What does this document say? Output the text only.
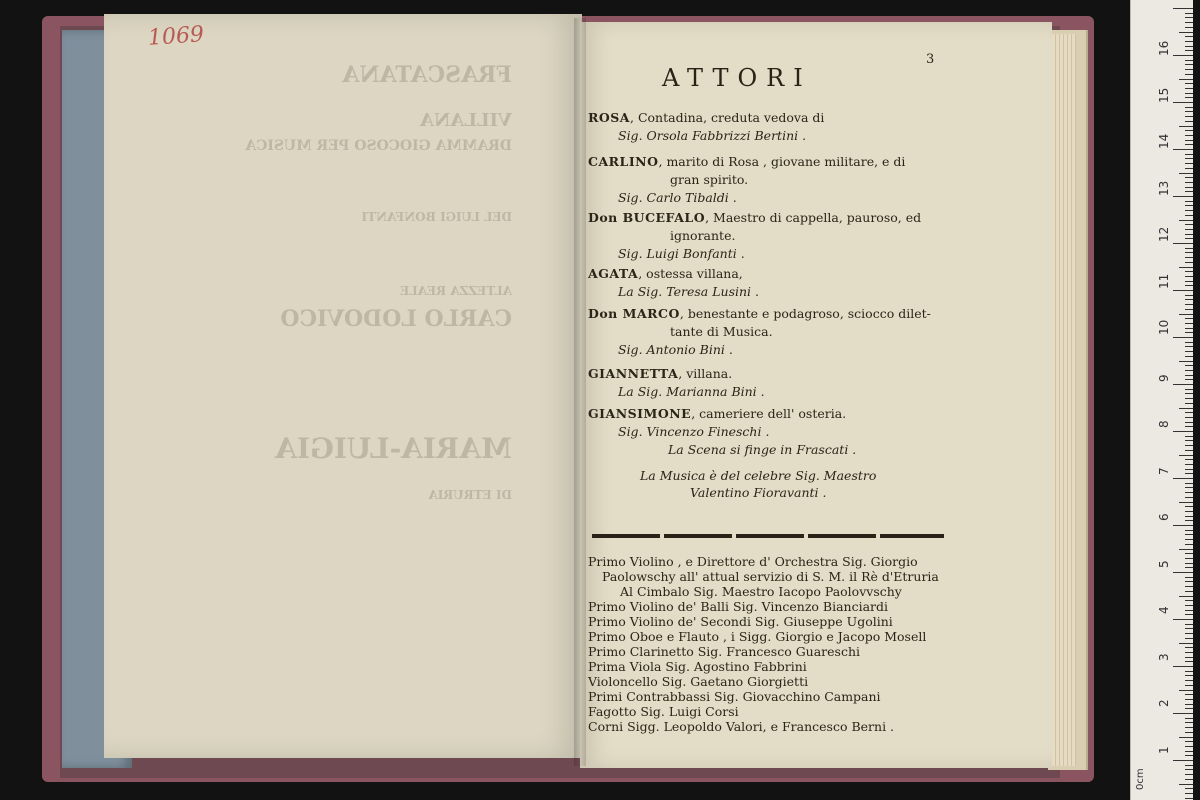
FRASCATANA
VILLANA
DRAMMA GIOCOSO PER MUSICA
DEL LUIGI BONFANTI
ALTEZZA REALE
CARLO LODOVICO
MARIA-LUIGIA
DI ETRURIA
1069
3
ATTORI
ROSA, Contadina, creduta vedova di
Sig. Orsola Fabbrizzi Bertini .
CARLINO, marito di Rosa , giovane militare, e di
gran spirito.
Sig. Carlo Tibaldi .
Don BUCEFALO, Maestro di cappella, pauroso, ed
ignorante.
Sig. Luigi Bonfanti .
AGATA, ostessa villana,
La Sig. Teresa Lusini .
Don MARCO, benestante e podagroso, sciocco dilet-
tante di Musica.
Sig. Antonio Bini .
GIANNETTA, villana.
La Sig. Marianna Bini .
GIANSIMONE, cameriere dell' osteria.
Sig. Vincenzo Fineschi .
La Scena si finge in Frascati .
La Musica è del celebre Sig. Maestro
Valentino Fioravanti .
Primo Violino , e Direttore d' Orchestra Sig. Giorgio
Paolowschy all' attual servizio di S. M. il Rè d'Etruria
Al Cimbalo Sig. Maestro Iacopo Paolovvschy
Primo Violino de' Balli Sig. Vincenzo Bianciardi
Primo Violino de' Secondi Sig. Giuseppe Ugolini
Primo Oboe e Flauto , i Sigg. Giorgio e Jacopo Mosell
Primo Clarinetto Sig. Francesco Guareschi
Prima Viola Sig. Agostino Fabbrini
Violoncello Sig. Gaetano Giorgietti
Primi Contrabbassi Sig. Giovacchino Campani
Fagotto Sig. Luigi Corsi
Corni Sigg. Leopoldo Valori, e Francesco Berni .
0cm
16
15
14
13
12
11
10
9
8
7
6
5
4
3
2
1
